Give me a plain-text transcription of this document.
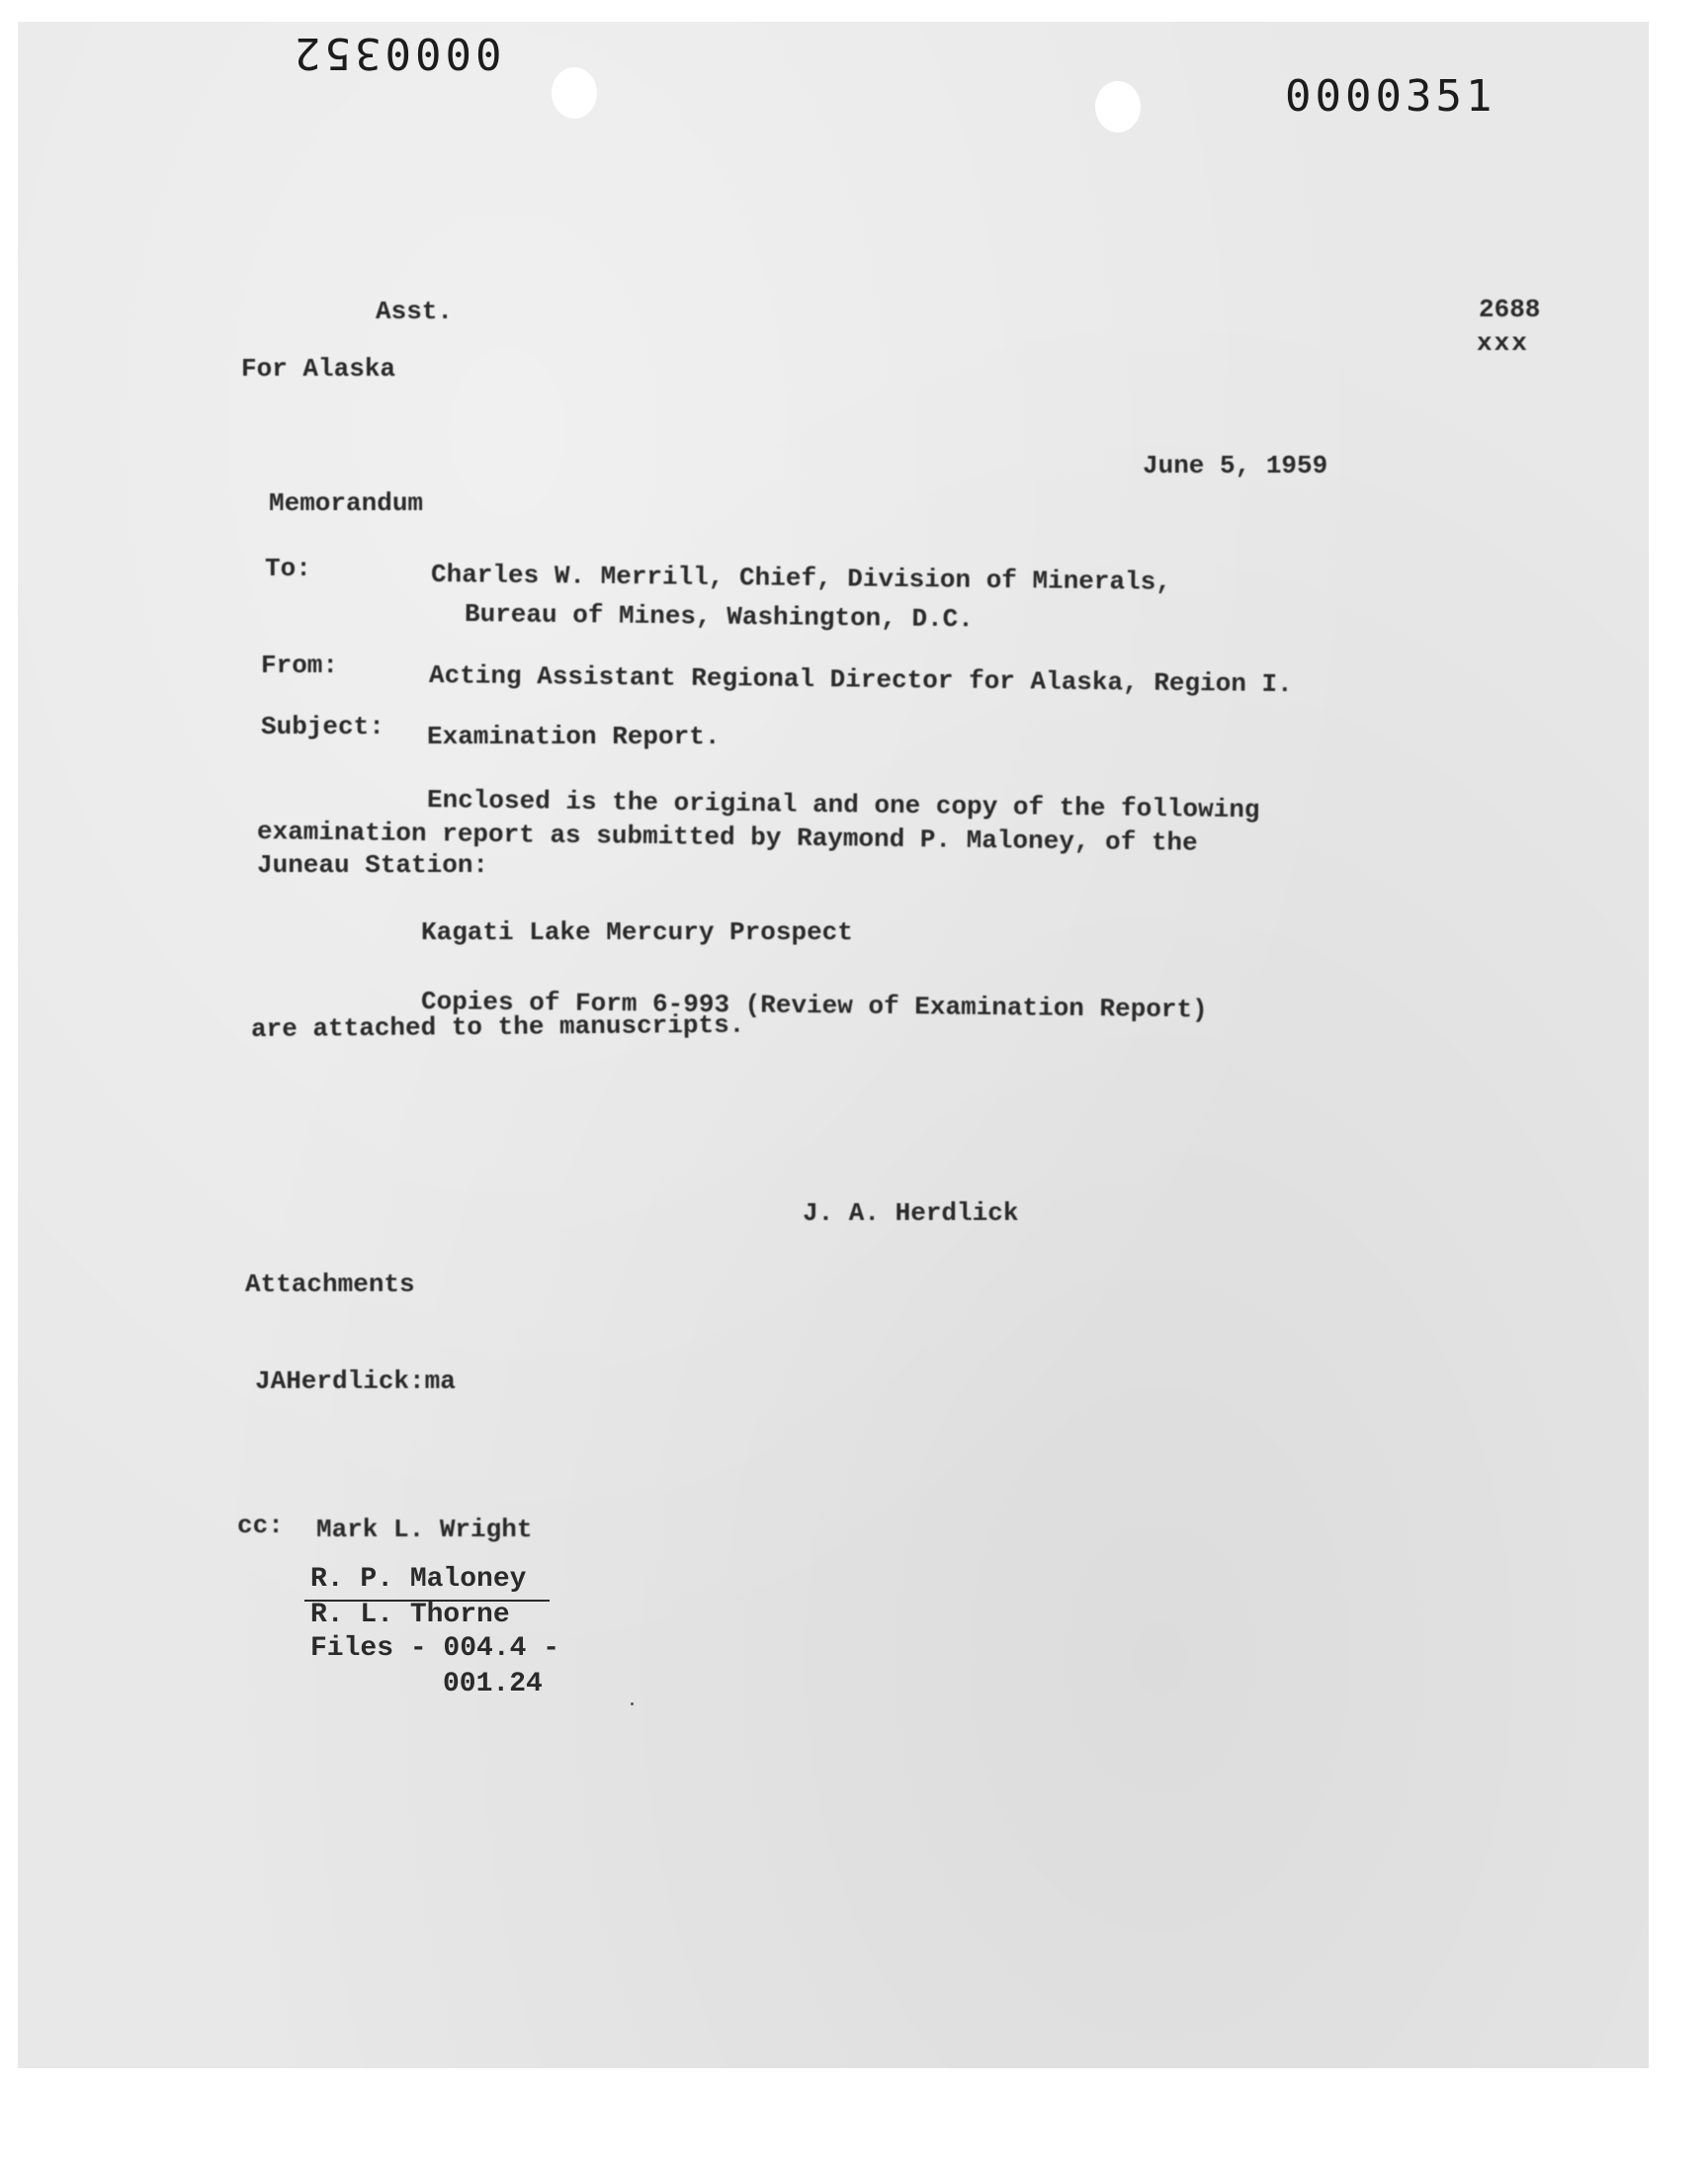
0000352
0000351
Asst.
For Alaska
2688
xxx
June 5, 1959
Memorandum
To:	Charles W. Merrill, Chief, Division of Minerals,
Bureau of Mines, Washington, D.C.
From:	Acting Assistant Regional Director for Alaska, Region I.
Subject: Examination Report.
Enclosed is the original and one copy of the following
examination report as submitted by Raymond P. Maloney, of the
Juneau Station:
Kagati Lake Mercury Prospect
Copies of Form 6-993 (Review of Examination Report)
are attached to the manuscripts.
J. A. Herdlick
Attachments
JAHerdlick:ma
cc: Mark L. Wright
R. P. Maloney
R. L. Thorne
Files - 004.4 -
001.24
